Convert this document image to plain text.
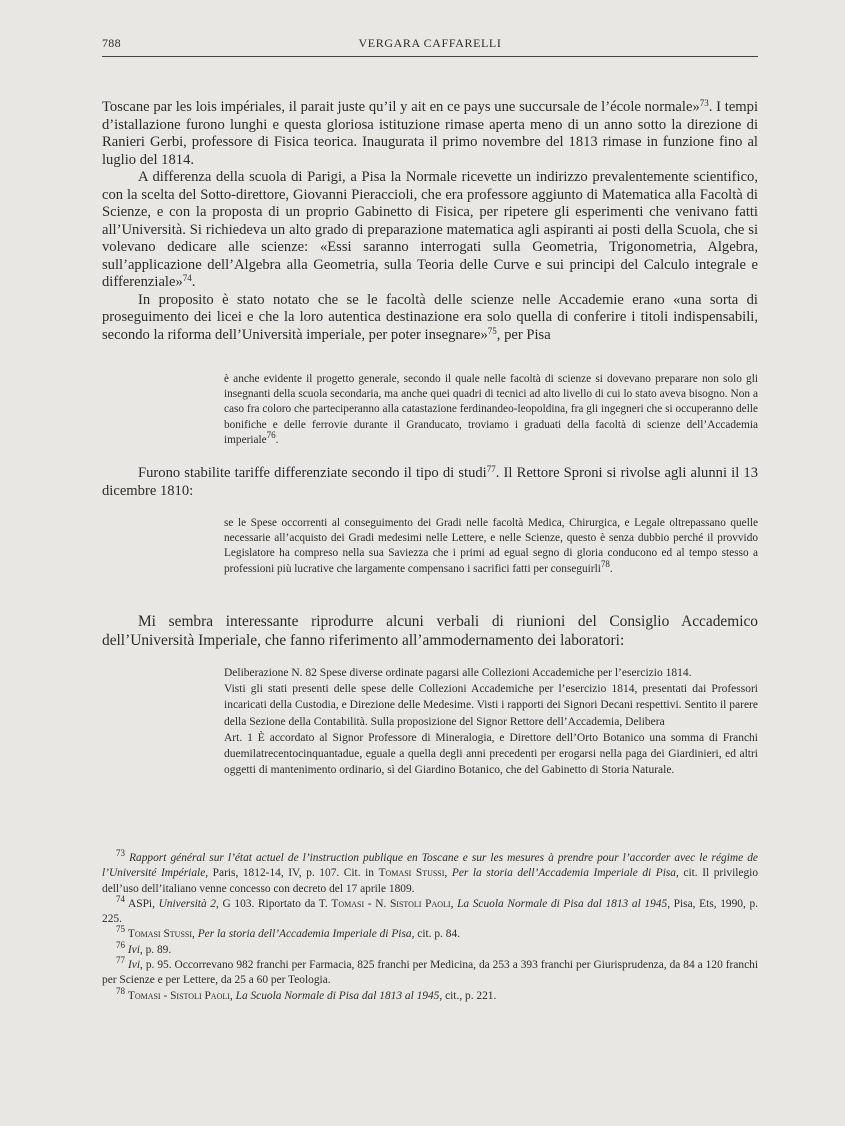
788	VERGARA CAFFARELLI

Toscane par les lois impériales, il parait juste qu’il y ait en ce pays une succursale de l’école normale»$^{73}$. I tempi d’istallazione furono lunghi e questa gloriosa istituzione rimase aperta meno di un anno sotto la direzione di Ranieri Gerbi, professore di Fisica teorica. Inaugurata il primo novembre del 1813 rimase in funzione fino al luglio del 1814.

A differenza della scuola di Parigi, a Pisa la Normale ricevette un indirizzo prevalentemente scientifico, con la scelta del Sotto-direttore, Giovanni Pieraccioli, che era professore aggiunto di Matematica alla Facoltà di Scienze, e con la proposta di un proprio Gabinetto di Fisica, per ripetere gli esperimenti che venivano fatti all’Università. Si richiedeva un alto grado di preparazione matematica agli aspiranti ai posti della Scuola, che si volevano dedicare alle scienze: «Essi saranno interrogati sulla Geometria, Trigonometria, Algebra, sull’applicazione dell’Algebra alla Geometria, sulla Teoria delle Curve e sui principi del Calculo integrale e differenziale»$^{74}$.

In proposito è stato notato che se le facoltà delle scienze nelle Accademie erano «una sorta di proseguimento dei licei e che la loro autentica destinazione era solo quella di conferire i titoli indispensabili, secondo la riforma dell’Università imperiale, per poter insegnare»$^{75}$, per Pisa

è anche evidente il progetto generale, secondo il quale nelle facoltà di scienze si dovevano preparare non solo gli insegnanti della scuola secondaria, ma anche quei quadri di tecnici ad alto livello di cui lo stato aveva bisogno. Non a caso fra coloro che parteciperanno alla catastazione ferdinandeo-leopoldina, fra gli ingegneri che si occuperanno delle bonifiche e delle ferrovie durante il Granducato, troviamo i graduati della facoltà di scienze dell’Accademia imperiale$^{76}$.

Furono stabilite tariffe differenziate secondo il tipo di studi$^{77}$. Il Rettore Sproni si rivolse agli alunni il 13 dicembre 1810:

se le Spese occorrenti al conseguimento dei Gradi nelle facoltà Medica, Chirurgica, e Legale oltrepassano quelle necessarie all’acquisto dei Gradi medesimi nelle Lettere, e nelle Scienze, questo è senza dubbio perché il provvido Legislatore ha compreso nella sua Saviezza che i primi ad egual segno di gloria conducono ed al tempo stesso a professioni più lucrative che largamente compensano i sacrifici fatti per conseguirli$^{78}$.

Mi sembra interessante riprodurre alcuni verbali di riunioni del Consiglio Accademico dell’Università Imperiale, che fanno riferimento all’ammodernamento dei laboratori:

Deliberazione N. 82 Spese diverse ordinate pagarsi alle Collezioni Accademiche per l’esercizio 1814.

Visti gli stati presenti delle spese delle Collezioni Accademiche per l’esercizio 1814, presentati dai Professori incaricati della Custodia, e Direzione delle Medesime. Visti i rapporti dei Signori Decani respettivi. Sentito il parere della Sezione della Contabilità. Sulla proposizione del Signor Rettore dell’Accademia, Delibera

Art. 1 È accordato al Signor Professore di Mineralogia, e Direttore dell’Orto Botanico una somma di Franchi duemilatrecentocinquantadue, eguale a quella degli anni precedenti per erogarsi nella paga dei Giardinieri, ed altri oggetti di mantenimento ordinario, sì del Giardino Botanico, che del Gabinetto di Storia Naturale.

$^{73}$ Rapport général sur l’état actuel de l’instruction publique en Toscane e sur les mesures à prendre pour l’accorder avec le régime de l’Université Impériale, Paris, 1812-14, IV, p. 107. Cit. in Tomasi Stussi, Per la storia dell’Accademia Imperiale di Pisa, cit. Il privilegio dell’uso dell’italiano venne concesso con decreto del 17 aprile 1809.

$^{74}$ ASPi, Università 2, G 103. Riportato da T. Tomasi - N. Sistoli Paoli, La Scuola Normale di Pisa dal 1813 al 1945, Pisa, Ets, 1990, p. 225.

$^{75}$ Tomasi Stussi, Per la storia dell’Accademia Imperiale di Pisa, cit. p. 84.

$^{76}$ Ivi, p. 89.

$^{77}$ Ivi, p. 95. Occorrevano 982 franchi per Farmacia, 825 franchi per Medicina, da 253 a 393 franchi per Giurisprudenza, da 84 a 120 franchi per Scienze e per Lettere, da 25 a 60 per Teologia.

$^{78}$ Tomasi - Sistoli Paoli, La Scuola Normale di Pisa dal 1813 al 1945, cit., p. 221.
